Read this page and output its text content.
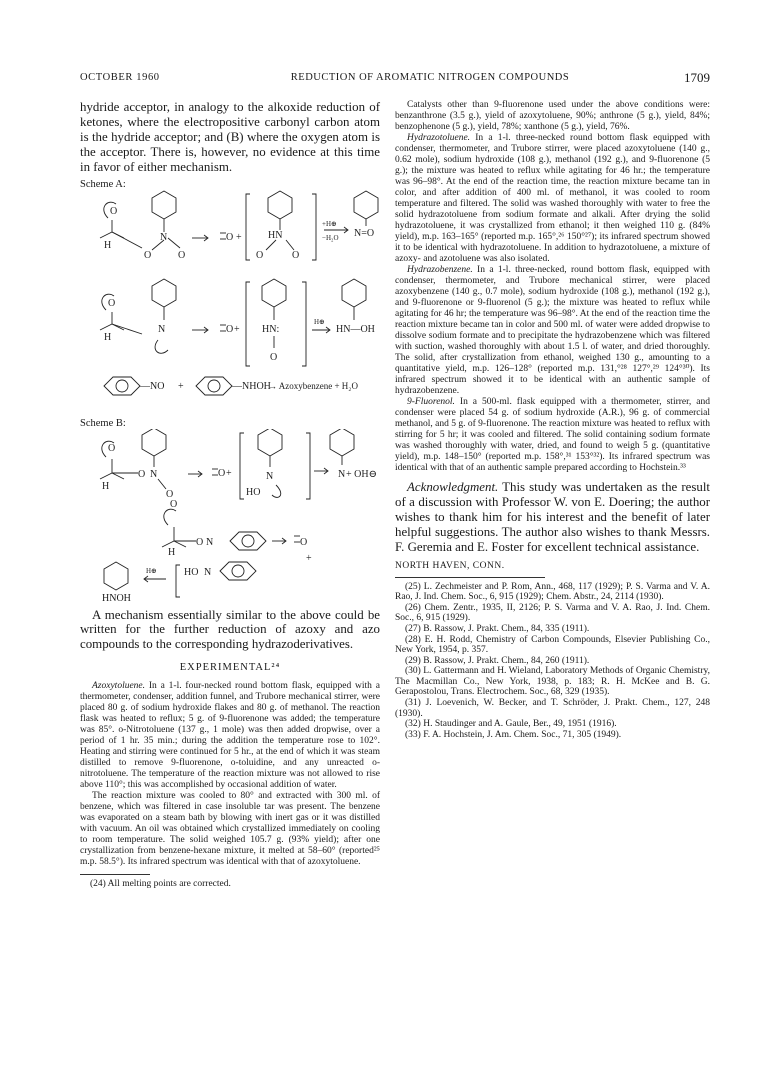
OCTOBER 1960	REDUCTION OF AROMATIC NITROGEN COMPOUNDS	1709

hydride acceptor, in analogy to the alkoxide reduction of ketones, where the electropositive carbonyl carbon atom is the hydride acceptor; and (B) where the oxygen atom is the acceptor. There is, however, no evidence at this time in favor of either mechanism.

Scheme A:

O
H
N
O	O
O +	HN
O	O
+H⊕
−H₂O N=O
O
H
N	O + HN:
O
H⊕
HN—OH
—NO +	—NHOH
→ Azoxybenzene + H₂O

Scheme B:

O
H
O N
O
O +	N
HO
N + OH⊖
O
H
O N	O
+
H⊕	HO N

HNOH

A mechanism essentially similar to the above could be written for the further reduction of azoxy and azo compounds to the corresponding hydrazoderivatives.

EXPERIMENTAL²⁴

Azoxytoluene. In a 1-l. four-necked round bottom flask, equipped with a thermometer, condenser, addition funnel, and Trubore mechanical stirrer, were placed 80 g. of sodium hydroxide flakes and 80 g. of methanol. The reaction flask was heated to reflux; 5 g. of 9-fluorenone was added; the temperature was 85°. o-Nitrotoluene (137 g., 1 mole) was then added dropwise, over a period of 1 hr. 35 min.; during the addition the temperature rose to 102°. Heating and stirring were continued for 5 hr., at the end of which it was steam distilled to remove 9-fluorenone, o-toluidine, and any unreacted o-nitrotoluene. The temperature of the reaction mixture was not allowed to rise above 110°; this was accomplished by occasional addition of water.

The reaction mixture was cooled to 80° and extracted with 300 ml. of benzene, which was filtered in case insoluble tar was present. The benzene was evaporated on a steam bath by blowing with inert gas or it was distilled with vacuum. An oil was obtained which crystallized immediately on cooling to room temperature. The solid weighed 105.7 g. (93% yield); after one crystallization from benzene-hexane mixture, it melted at 58–60° (reported²⁵ m.p. 58.5°). Its infrared spectrum was identical with that of azoxytoluene.

(24) All melting points are corrected.

Catalysts other than 9-fluorenone used under the above conditions were: benzanthrone (3.5 g.), yield of azoxytoluene, 90%; anthrone (5 g.), yield, 84%; benzophenone (5 g.), yield, 78%; xanthone (5 g.), yield, 76%.

Hydrazotoluene. In a 1-l. three-necked round bottom flask equipped with condenser, thermometer, and Trubore stirrer, were placed azoxytoluene (140 g., 0.62 mole), sodium hydroxide (108 g.), methanol (192 g.), and 9-fluorenone (5 g.); the mixture was heated to reflux while agitating for 46 hr.; the temperature was 96–98°. At the end of the reaction time, the reaction mixture became tan in color, and after addition of 400 ml. of methanol, it was cooled to room temperature and filtered. The solid was washed thoroughly with water to free the solid hydrazotoluene from sodium formate and alkali. After drying the solid hydrazotoluene, it was crystallized from ethanol; it then weighed 110 g. (84% yield), m.p. 163–165° (reported m.p. 165°,²⁶ 150°²⁷); its infrared spectrum showed it to be identical with hydrazotoluene. In addition to hydrazotoluene, a mixture of azoxy- and azotoluene was also isolated.

Hydrazobenzene. In a 1-l. three-necked, round bottom flask, equipped with condenser, thermometer, and Trubore mechanical stirrer, were placed azoxybenzene (140 g., 0.7 mole), sodium hydroxide (108 g.), methanol (192 g.), and 9-fluorenone or 9-fluorenol (5 g.); the mixture was heated to reflux while agitating for 46 hr; the temperature was 96–98°. At the end of the reaction time the reaction mixture became tan in color and 500 ml. of water were added dropwise to dissolve sodium formate and to precipitate the hydrazobenzene which was filtered with suction, washed thoroughly with about 1.5 l. of water, and dried thoroughly. The solid, after crystallization from ethanol, weighed 130 g., amounting to a quantitative yield, m.p. 126–128° (reported m.p. 131,°²⁸ 127°,²⁹ 124°³⁰). Its infrared spectrum showed it to be identical with an authentic sample of hydrazobenzene.

9-Fluorenol. In a 500-ml. flask equipped with a thermometer, stirrer, and condenser were placed 54 g. of sodium hydroxide (A.R.), 96 g. of commercial methanol, and 5 g. of 9-fluorenone. The reaction mixture was heated to reflux with stirring for 5 hr; it was cooled and filtered. The solid containing sodium formate was washed thoroughly with water, dried, and found to weigh 5 g. (quantitative yield), m.p. 148–150° (reported m.p. 158°,³¹ 153°³²). Its infrared spectrum was identical with that of an authentic sample prepared according to Hochstein.³³

Acknowledgment. This study was undertaken as the result of a discussion with Professor W. von E. Doering; the author wishes to thank him for his interest and the benefit of later helpful suggestions. The author also wishes to thank Messrs. F. Geremia and E. Foster for excellent technical assistance.

NORTH HAVEN, CONN.

(25) L. Zechmeister and P. Rom, Ann., 468, 117 (1929); P. S. Varma and V. A. Rao, J. Ind. Chem. Soc., 6, 915 (1929); Chem. Abstr., 24, 2114 (1930).

(26) Chem. Zentr., 1935, II, 2126; P. S. Varma and V. A. Rao, J. Ind. Chem. Soc., 6, 915 (1929).

(27) B. Rassow, J. Prakt. Chem., 84, 335 (1911).

(28) E. H. Rodd, Chemistry of Carbon Compounds, Elsevier Publishing Co., New York, 1954, p. 357.

(29) B. Rassow, J. Prakt. Chem., 84, 260 (1911).

(30) L. Gattermann and H. Wieland, Laboratory Methods of Organic Chemistry, The Macmillan Co., New York, 1938, p. 183; R. H. McKee and B. G. Gerapostolou, Trans. Electrochem. Soc., 68, 329 (1935).

(31) J. Loevenich, W. Becker, and T. Schröder, J. Prakt. Chem., 127, 248 (1930).

(32) H. Staudinger and A. Gaule, Ber., 49, 1951 (1916).

(33) F. A. Hochstein, J. Am. Chem. Soc., 71, 305 (1949).
